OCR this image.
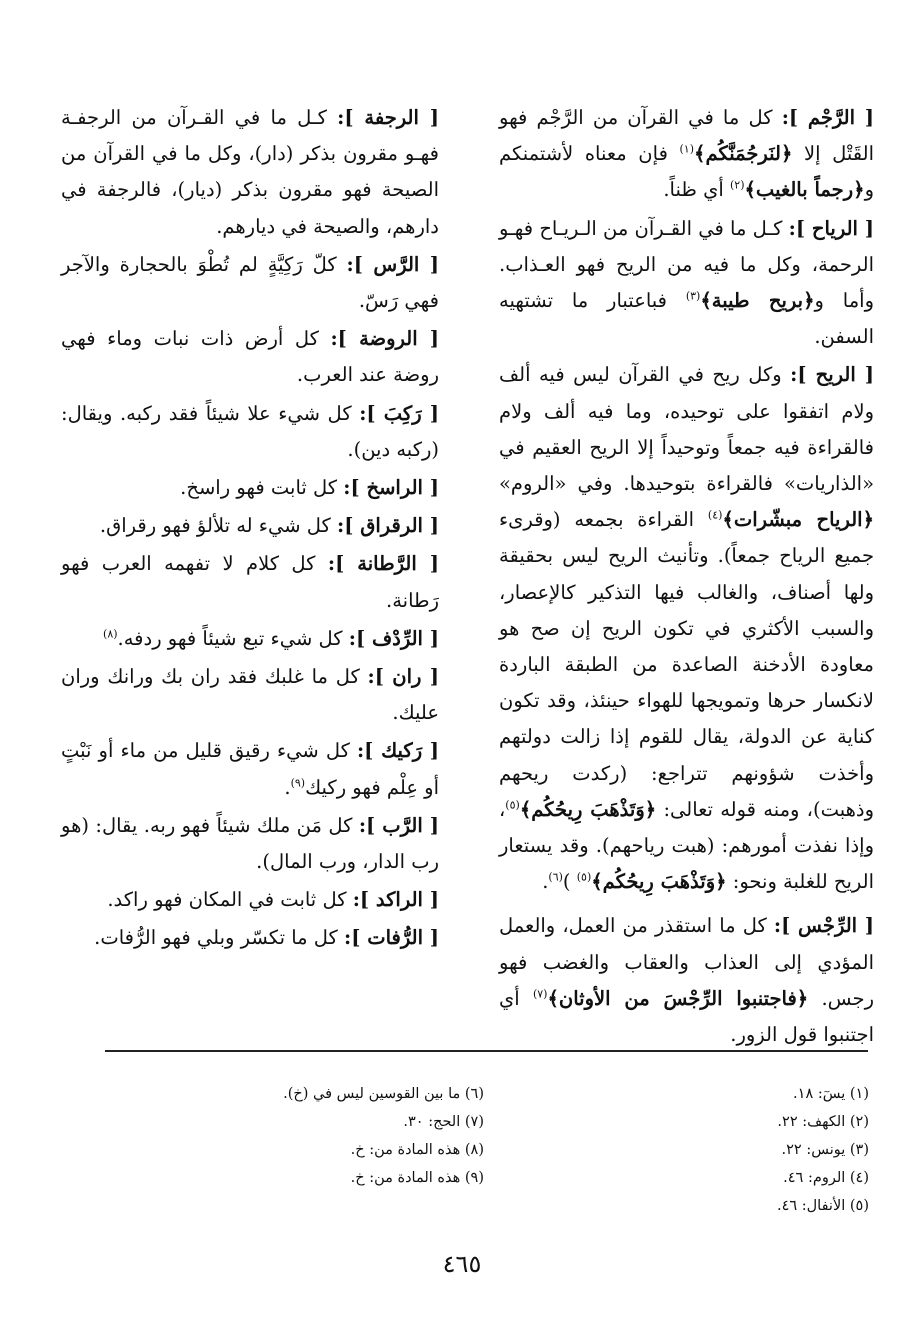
[ الرَّجْم ]: كل ما في القرآن من الرَّجْم فهو القَتْل إلا ﴿لنَرجُمَنَّكُم﴾$^{(١)}$ فإن معناه لأشتمنكم و﴿رجماً بالغيب﴾$^{(٢)}$ أي ظناً.
[ الرياح ]: كـل ما في القـرآن من الـريـاح فهـو الرحمة، وكل ما فيه من الريح فهو العـذاب. وأما و﴿بريح طيبة﴾$^{(٣)}$ فباعتبار ما تشتهيه السفن.
[ الريح ]: وكل ريح في القرآن ليس فيه ألف ولام اتفقوا على توحيده، وما فيه ألف ولام فالقراءة فيه جمعاً وتوحيداً إلا الريح العقيم في «الذاريات» فالقراءة بتوحيدها. وفي «الروم» ﴿الرياح مبشّرات﴾$^{(٤)}$ القراءة بجمعه (وقرىء جميع الرياح جمعاً). وتأنيث الريح ليس بحقيقة ولها أصناف، والغالب فيها التذكير كالإعصار، والسبب الأكثري في تكون الريح إن صح هو معاودة الأدخنة الصاعدة من الطبقة الباردة لانكسار حرها وتمويجها للهواء حينئذ، وقد تكون كناية عن الدولة، يقال للقوم إذا زالت دولتهم وأخذت شؤونهم تتراجع: (ركدت ريحهم وذهبت)، ومنه قوله تعالى: ﴿وَتَذْهَبَ رِيحُكُم﴾$^{(٥)}$، وإذا نفذت أمورهم: (هبت رياحهم). وقد يستعار الريح للغلبة ونحو: ﴿وَتَذْهَبَ رِيحُكُم﴾$^{(٥)}$ )$^{(٦)}$.
[ الرِّجْس ]: كل ما استقذر من العمل، والعمل المؤدي إلى العذاب والعقاب والغضب فهو رجس. ﴿فاجتنبوا الرِّجْسَ من الأوثان﴾$^{(٧)}$ أي اجتنبوا قول الزور.
[ الرجفة ]: كـل ما في القـرآن من الرجفـة فهـو مقرون بذكر (دار)، وكل ما في القرآن من الصيحة فهو مقرون بذكر (ديار)، فالرجفة في دارهم، والصيحة في ديارهم.
[ الرَّس ]: كلّ رَكِيَّةٍ لم تُطْوَ بالحجارة والآجر فهي رَسّ.
[ الروضة ]: كل أرض ذات نبات وماء فهي روضة عند العرب.
[ رَكِبَ ]: كل شيء علا شيئاً فقد ركبه. ويقال: (ركبه دين).
[ الراسخ ]: كل ثابت فهو راسخ.
[ الرقراق ]: كل شيء له تلألؤ فهو رقراق.
[ الرَّطانة ]: كل كلام لا تفهمه العرب فهو رَطانة.
[ الرِّدْف ]: كل شيء تبع شيئاً فهو ردفه.$^{(٨)}$
[ ران ]: كل ما غلبك فقد ران بك ورانك وران عليك.
[ رَكيك ]: كل شيء رقيق قليل من ماء أو نَبْتٍ أو عِلْم فهو ركيك$^{(٩)}$.
[ الرَّب ]: كل مَن ملك شيئاً فهو ربه. يقال: (هو رب الدار، ورب المال).
[ الراكد ]: كل ثابت في المكان فهو راكد.
[ الرُّفات ]: كل ما تكسّر وبلي فهو الرُّفات.
(١) يسٓ: ١٨.
(٢) الكهف: ٢٢.
(٣) يونس: ٢٢.
(٤) الروم: ٤٦.
(٥) الأنفال: ٤٦.
(٦) ما بين القوسين ليس في (خ).
(٧) الحج: ٣٠.
(٨) هذه المادة من: خ.
(٩) هذه المادة من: خ.
٤٦٥
